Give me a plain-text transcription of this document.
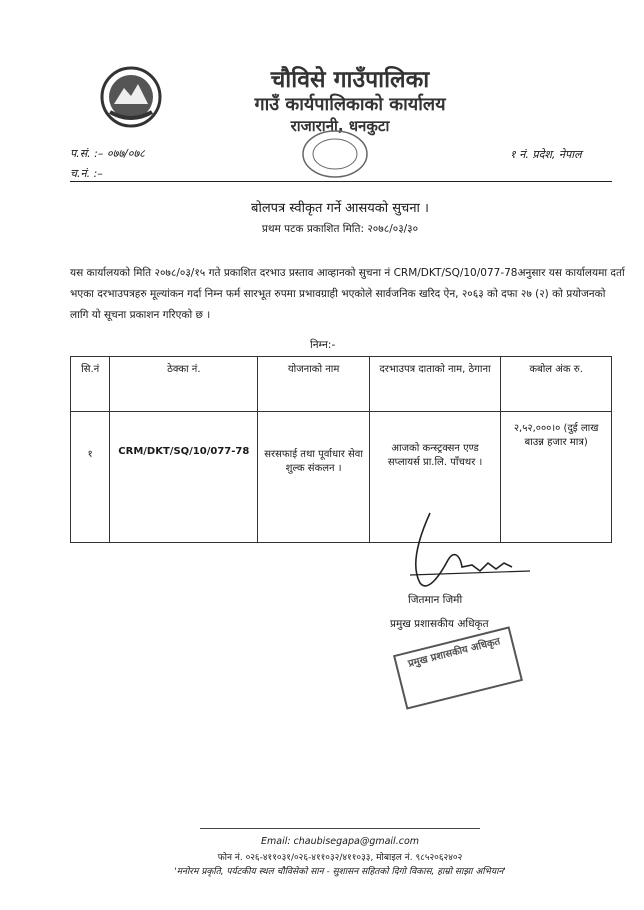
चौविसे गाउँपालिका
गाउँ कार्यपालिकाको कार्यालय
राजारानी, धनकुटा
प.सं. :– ०७७/०७८
च.नं. :–
१ नं. प्रदेश, नेपाल
बोलपत्र स्वीकृत गर्ने आसयको सुचना ।
प्रथम पटक प्रकाशित मिति: २०७८/०३/३०
यस कार्यालयको मिति २०७८/०३/१५ गते प्रकाशित दरभाउ प्रस्ताव आव्हानको सुचना नं CRM/DKT/SQ/10/077-78अनुसार यस कार्यालयमा दर्ता भएका दरभाउपत्रहरु मूल्यांकन गर्दा निम्न फर्म सारभूत रुपमा प्रभावग्राही भएकोले सार्वजनिक खरिद ऐन, २०६३ को दफा २७ (२) को प्रयोजनको लागि यो सूचना प्रकाशन गरिएको छ ।
निम्न:-
सि.नं	ठेक्का नं.	योजनाको नाम	दरभाउपत्र दाताको नाम, ठेगाना	कबोल अंक रु.
१	CRM/DKT/SQ/10/077-78	सरसफाई तथा पूर्वाधार सेवा शुल्क संकलन ।	आजको कन्स्ट्रक्सन एण्ड सप्लायर्स प्रा.लि. पाँचथर ।	२,५२,०००।० (दुई लाख बाउन्न हजार मात्र)
जितमान जिमी
प्रमुख प्रशासकीय अधिकृत
प्रमुख प्रशासकीय अधिकृत
Email: chaubisegapa@gmail.com
फोन नं. ०२६-४११०३१/०२६-४११०३२/४११०३३, मोबाइल नं. ९८५२०६२४०२
'मनोरम प्रकृति, पर्यटकीय स्थल चौविसेको सान - सुशासन सहितको दिगो विकास, हाम्रो साझा अभियान'
